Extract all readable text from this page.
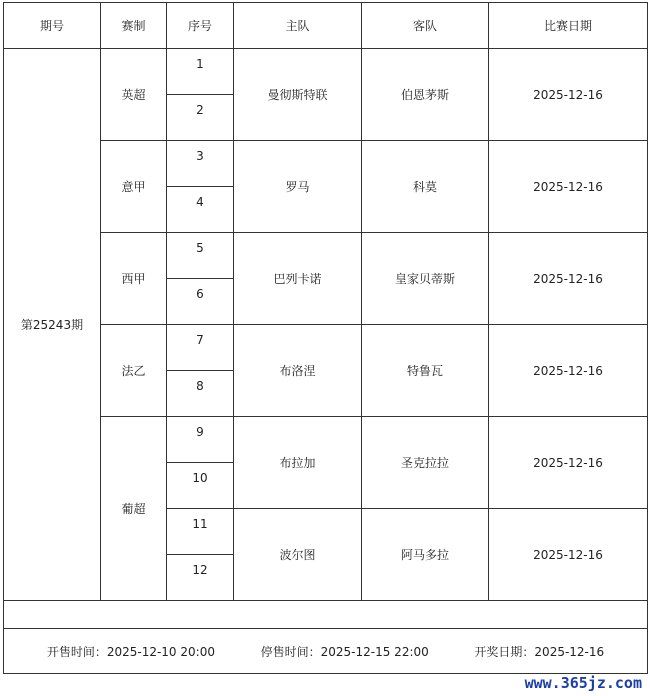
期号	赛制	序号	主队	客队	比赛日期
第25243期	英超	1	曼彻斯特联	伯恩茅斯	2025-12-16
		2			
	意甲	3	罗马	科莫	2025-12-16
		4			
	西甲	5	巴列卡诺	皇家贝蒂斯	2025-12-16
		6			
	法乙	7	布洛涅	特鲁瓦	2025-12-16
		8			
	葡超	9	布拉加	圣克拉拉	2025-12-16
		10			
		11	波尔图	阿马多拉	2025-12-16
		12			

开售时间：2025-12-10 20:00 停售时间：2025-12-15 22:00 开奖日期：2025-12-16					
www.365jz.com
